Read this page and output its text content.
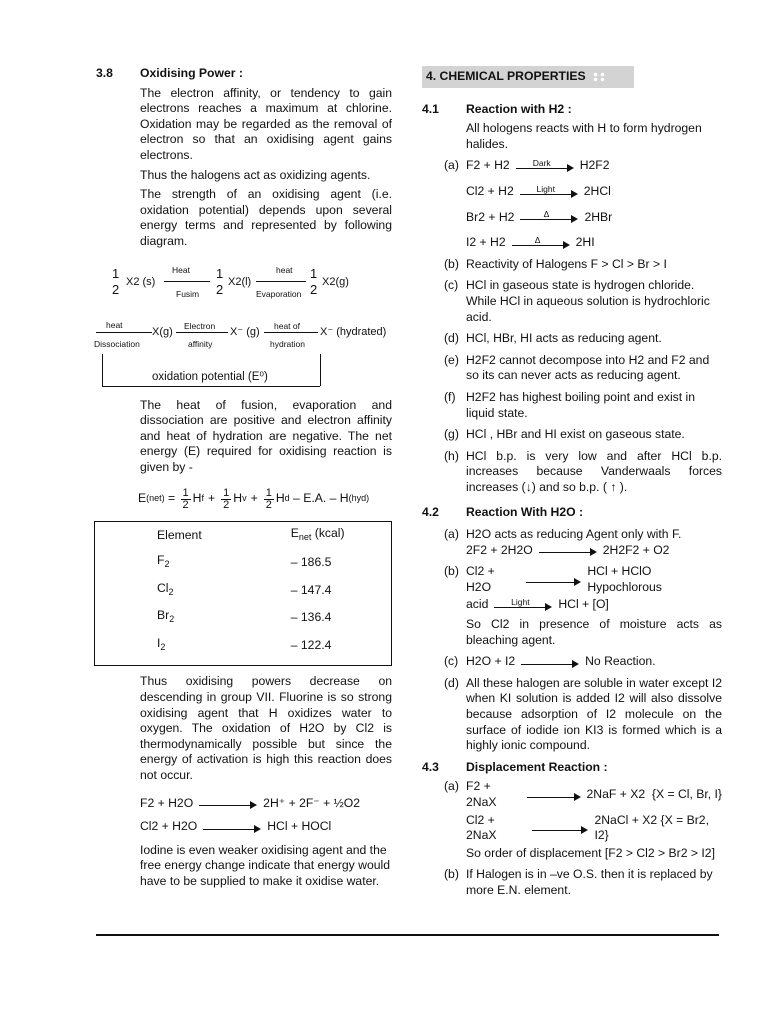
3.8	Oxidising Power :

The electron affinity, or tendency to gain electrons reaches a maximum at chlorine. Oxidation may be regarded as the removal of electron so that an oxidising agent gains electrons.

Thus the halogens act as oxidizing agents.

The strength of an oxidising agent (i.e. oxidation potential) depends upon several energy terms and represented by following diagram.

1
2 X2 (s)
Heat
Fusim
1
2 X2(l)
heat
Evaporation
1
2 X2(g)
heat
Dissociation
X(g) Electron
affinity
X⁻ (g) heat of
hydration
X⁻ (hydrated)
oxidation potential (E⁰)

The heat of fusion, evaporation and dissociation are positive and electron affinity and heat of hydration are negative. The net energy (E) required for oxidising reaction is given by -

E $(net) = \frac{1}{2}$ H $f + \frac{1}{2}$ H $v + \frac{1}{2}$ H d – E.A. – H (hyd)
Element	$E_{net}$ (kcal)
$F_2$	– 186.5
$Cl_2$	– 147.4
$Br_2$	– 136.4
$I_2$	– 122.4

Thus oxidising powers decrease on descending in group VII. Fluorine is so strong oxidising agent that H oxidizes water to oxygen. The oxidation of H2O by Cl2 is thermodynamically possible but since the energy of activation is high this reaction does not occur.

F2 + H2O	2H⁺ + 2F⁻ + ½O2
Cl2 + H2O	HCl + HOCl

Iodine is even weaker oxidising agent and the free energy change indicate that energy would have to be supplied to make it oxidise water.

4. CHEMICAL PROPERTIES
4.1	Reaction with H2 :

All hologens reacts with H to form hydrogen halides.

(a) F2 + H2	Dark	H2F2
Cl2 + H2	Light	2HCl
Br2 + H2	Δ	2HBr
I2 + H2	Δ	2HI
(b) Reactivity of Halogens F > Cl > Br > I
(c) HCl in gaseous state is hydrogen chloride. While HCl in aqueous solution is hydrochloric acid.
(d) HCl, HBr, HI acts as reducing agent.
(e) H2F2 cannot decompose into H2 and F2 and so its can never acts as reducing agent.
(f) H2F2 has highest boiling point and exist in liquid state.
(g) HCl , HBr and HI exist on gaseous state.
(h) HCl b.p. is very low and after HCl b.p. increases because Vanderwaals forces increases (↓) and so b.p. ( ↑ ).
4.2	Reaction With H2O :
(a) H2O acts as reducing Agent only with F.
2F2 + 2H2O	2H2F2 + O2
(b) Cl2 + H2O
HCl + HClO Hypochlorous
acid	Light	HCl + [O]
So Cl2 in presence of moisture acts as bleaching agent.
(c) H2O + I2	No Reaction.
(d) All these halogen are soluble in water except I2 when KI solution is added I2 will also dissolve because adsorption of I2 molecule on the surface of iodide ion KI3 is formed which is a highly ionic compound.
4.3	Displacement Reaction :
(a) F2 + 2NaX
2NaF + X2  {X = Cl, Br, I}
Cl2 + 2NaX
2NaCl + X2 {X = Br2, I2}
So order of displacement [F2 > Cl2 > Br2 > I2]
(b) If Halogen is in –ve O.S. then it is replaced by more E.N. element.
